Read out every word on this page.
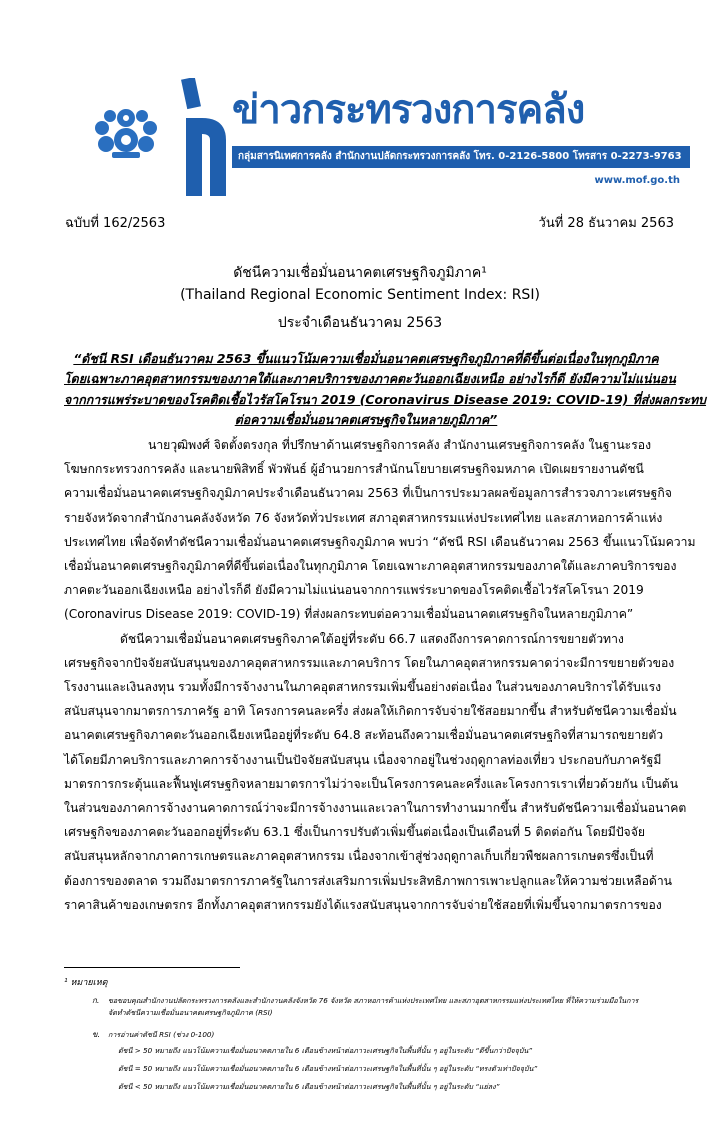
ข่าวกระทรวงการคลัง
กลุ่มสารนิเทศการคลัง สำนักงานปลัดกระทรวงการคลัง โทร. 0-2126-5800 โทรสาร 0-2273-9763
www.mof.go.th
ฉบับที่ 162/2563	วันที่ 28 ธันวาคม 2563
ดัชนีความเชื่อมั่นอนาคตเศรษฐกิจภูมิภาค¹
(Thailand Regional Economic Sentiment Index: RSI)
ประจำเดือนธันวาคม 2563
“ดัชนี RSI เดือนธันวาคม 2563 ขึ้นแนวโน้มความเชื่อมั่นอนาคตเศรษฐกิจภูมิภาคที่ดีขึ้นต่อเนื่องในทุกภูมิภาค
โดยเฉพาะภาคอุตสาหกรรมของภาคใต้และภาคบริการของภาคตะวันออกเฉียงเหนือ อย่างไรก็ดี ยังมีความไม่แน่นอน
จากการแพร่ระบาดของโรคติดเชื้อไวรัสโคโรนา 2019 (Coronavirus Disease 2019: COVID-19) ที่ส่งผลกระทบ
ต่อความเชื่อมั่นอนาคตเศรษฐกิจในหลายภูมิภาค”
นายวุฒิพงศ์ จิตตั้งตรงกุล ที่ปรึกษาด้านเศรษฐกิจการคลัง สำนักงานเศรษฐกิจการคลัง ในฐานะรอง
โฆษกกระทรวงการคลัง และนายพิสิทธิ์ พัวพันธ์ ผู้อำนวยการสำนักนโยบายเศรษฐกิจมหภาค เปิดเผยรายงานดัชนี
ความเชื่อมั่นอนาคตเศรษฐกิจภูมิภาคประจำเดือนธันวาคม 2563 ที่เป็นการประมวลผลข้อมูลการสำรวจภาวะเศรษฐกิจ
รายจังหวัดจากสำนักงานคลังจังหวัด 76 จังหวัดทั่วประเทศ สภาอุตสาหกรรมแห่งประเทศไทย และสภาหอการค้าแห่ง
ประเทศไทย เพื่อจัดทำดัชนีความเชื่อมั่นอนาคตเศรษฐกิจภูมิภาค พบว่า “ดัชนี RSI เดือนธันวาคม 2563 ขึ้นแนวโน้มความ
เชื่อมั่นอนาคตเศรษฐกิจภูมิภาคที่ดีขึ้นต่อเนื่องในทุกภูมิภาค โดยเฉพาะภาคอุตสาหกรรมของภาคใต้และภาคบริการของ
ภาคตะวันออกเฉียงเหนือ อย่างไรก็ดี ยังมีความไม่แน่นอนจากการแพร่ระบาดของโรคติดเชื้อไวรัสโคโรนา 2019
(Coronavirus Disease 2019: COVID-19) ที่ส่งผลกระทบต่อความเชื่อมั่นอนาคตเศรษฐกิจในหลายภูมิภาค”
ดัชนีความเชื่อมั่นอนาคตเศรษฐกิจภาคใต้อยู่ที่ระดับ 66.7 แสดงถึงการคาดการณ์การขยายตัวทาง
เศรษฐกิจจากปัจจัยสนับสนุนของภาคอุตสาหกรรมและภาคบริการ โดยในภาคอุตสาหกรรมคาดว่าจะมีการขยายตัวของ
โรงงานและเงินลงทุน รวมทั้งมีการจ้างงานในภาคอุตสาหกรรมเพิ่มขึ้นอย่างต่อเนื่อง ในส่วนของภาคบริการได้รับแรง
สนับสนุนจากมาตรการภาครัฐ อาทิ โครงการคนละครึ่ง ส่งผลให้เกิดการจับจ่ายใช้สอยมากขึ้น สำหรับดัชนีความเชื่อมั่น
อนาคตเศรษฐกิจภาคตะวันออกเฉียงเหนืออยู่ที่ระดับ 64.8 สะท้อนถึงความเชื่อมั่นอนาคตเศรษฐกิจที่สามารถขยายตัว
ได้โดยมีภาคบริการและภาคการจ้างงานเป็นปัจจัยสนับสนุน เนื่องจากอยู่ในช่วงฤดูกาลท่องเที่ยว ประกอบกับภาครัฐมี
มาตรการกระตุ้นและฟื้นฟูเศรษฐกิจหลายมาตรการไม่ว่าจะเป็นโครงการคนละครึ่งและโครงการเราเที่ยวด้วยกัน เป็นต้น
ในส่วนของภาคการจ้างงานคาดการณ์ว่าจะมีการจ้างงานและเวลาในการทำงานมากขึ้น สำหรับดัชนีความเชื่อมั่นอนาคต
เศรษฐกิจของภาคตะวันออกอยู่ที่ระดับ 63.1 ซึ่งเป็นการปรับตัวเพิ่มขึ้นต่อเนื่องเป็นเดือนที่ 5 ติดต่อกัน โดยมีปัจจัย
สนับสนุนหลักจากภาคการเกษตรและภาคอุตสาหกรรม เนื่องจากเข้าสู่ช่วงฤดูกาลเก็บเกี่ยวพืชผลการเกษตรซึ่งเป็นที่
ต้องการของตลาด รวมถึงมาตรการภาครัฐในการส่งเสริมการเพิ่มประสิทธิภาพการเพาะปลูกและให้ความช่วยเหลือด้าน
ราคาสินค้าของเกษตรกร อีกทั้งภาคอุตสาหกรรมยังได้แรงสนับสนุนจากการจับจ่ายใช้สอยที่เพิ่มขึ้นจากมาตรการของ
¹ หมายเหตุ
ก. ขอขอบคุณสำนักงานปลัดกระทรวงการคลังและสำนักงานคลังจังหวัด 76 จังหวัด สภาหอการค้าแห่งประเทศไทย และสภาอุตสาหกรรมแห่งประเทศไทย ที่ให้ความร่วมมือในการ
จัดทำดัชนีความเชื่อมั่นอนาคตเศรษฐกิจภูมิภาค (RSI)
ข. การอ่านค่าดัชนี RSI (ช่วง 0-100)
ดัชนี > 50 หมายถึง แนวโน้มความเชื่อมั่นอนาคตภายใน 6 เดือนข้างหน้าต่อภาวะเศรษฐกิจในพื้นที่นั้น ๆ อยู่ในระดับ “ดีขึ้นกว่าปัจจุบัน”
ดัชนี = 50 หมายถึง แนวโน้มความเชื่อมั่นอนาคตภายใน 6 เดือนข้างหน้าต่อภาวะเศรษฐกิจในพื้นที่นั้น ๆ อยู่ในระดับ “ทรงตัวเท่าปัจจุบัน”
ดัชนี < 50 หมายถึง แนวโน้มความเชื่อมั่นอนาคตภายใน 6 เดือนข้างหน้าต่อภาวะเศรษฐกิจในพื้นที่นั้น ๆ อยู่ในระดับ “แย่ลง”
